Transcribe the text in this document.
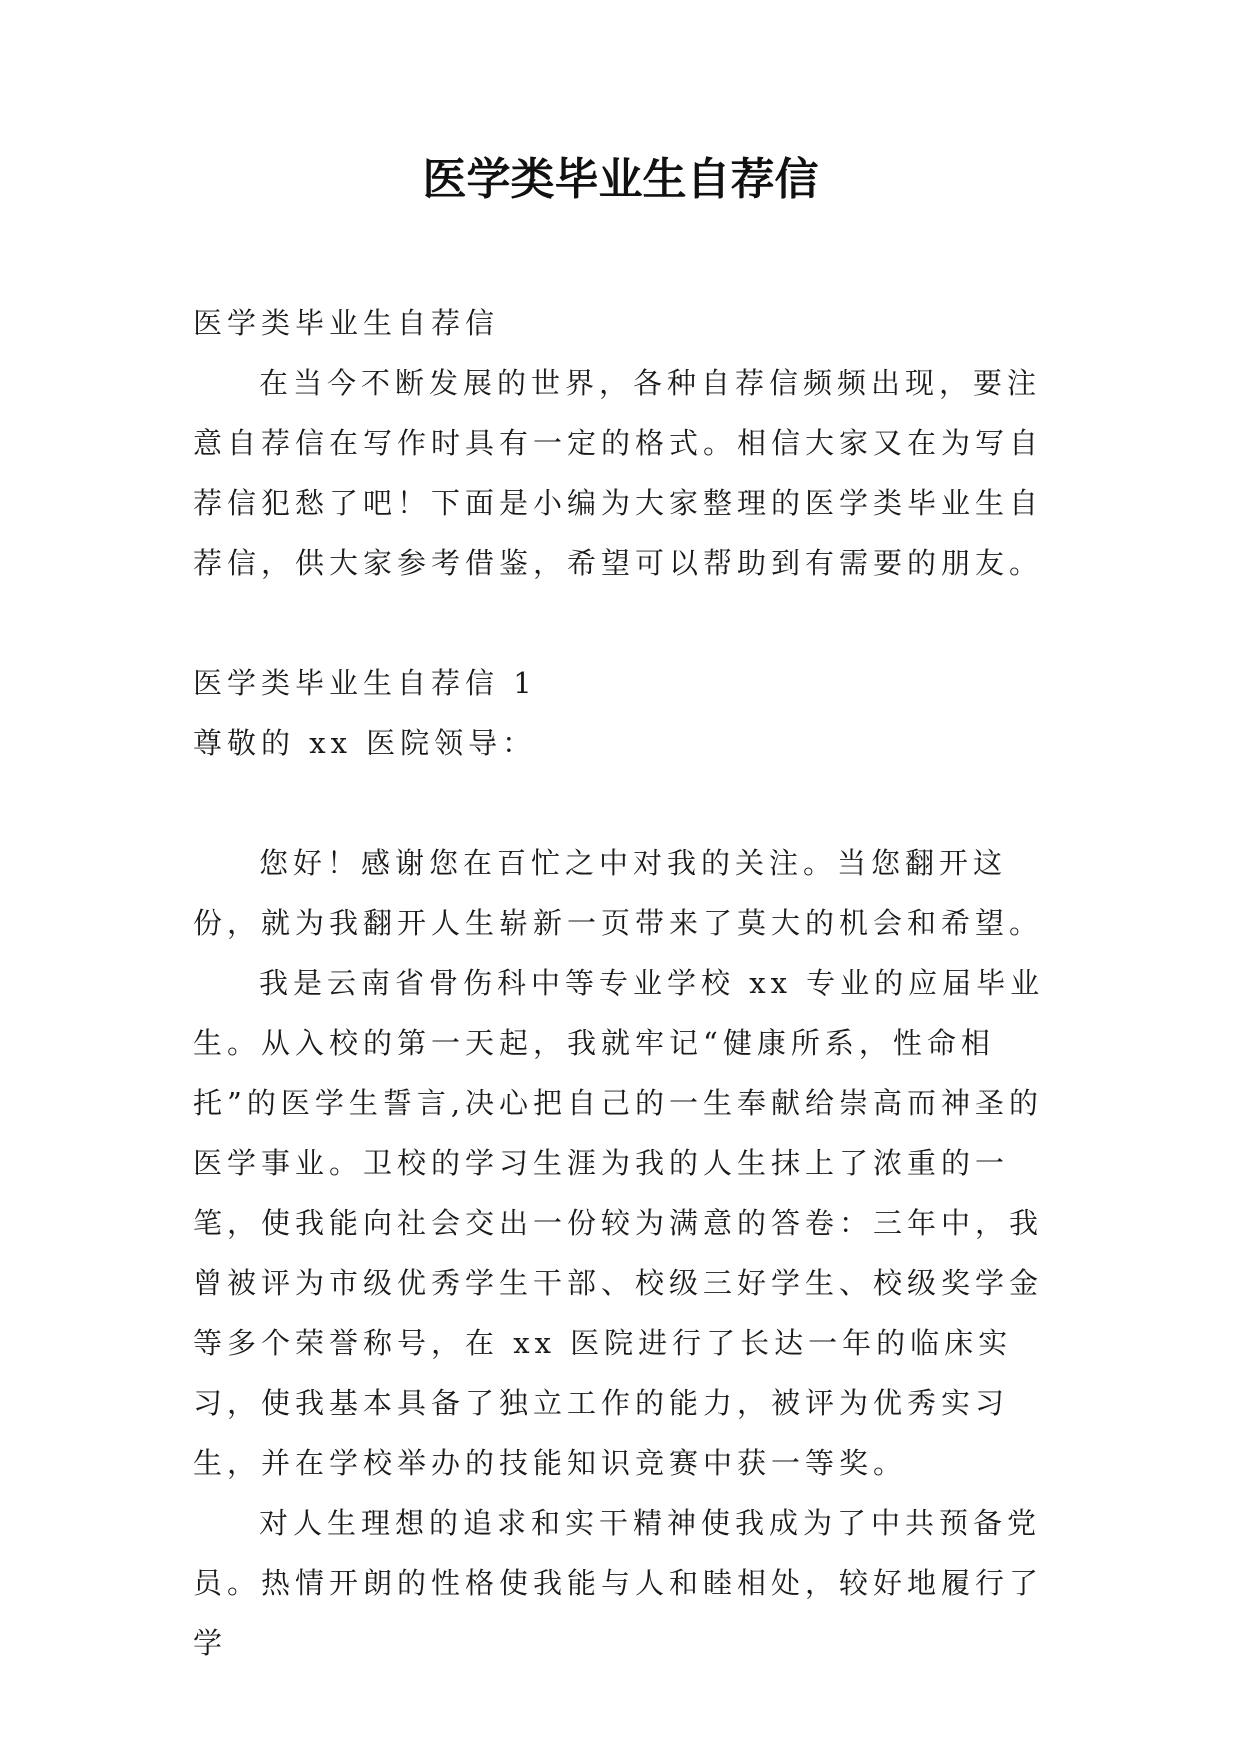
医学类毕业生自荐信

医学类毕业生自荐信

在当今不断发展的世界，各种自荐信频频出现，要注意自荐信在写作时具有一定的格式。相信大家又在为写自荐信犯愁了吧！下面是小编为大家整理的医学类毕业生自荐信，供大家参考借鉴，希望可以帮助到有需要的朋友。

医学类毕业生自荐信 1

尊敬的 xx 医院领导：

您好！感谢您在百忙之中对我的关注。当您翻开这份，就为我翻开人生崭新一页带来了莫大的机会和希望。

我是云南省骨伤科中等专业学校 xx 专业的应届毕业生。从入校的第一天起，我就牢记“健康所系，性命相托”的医学生誓言,决心把自己的一生奉献给崇高而神圣的医学事业。卫校的学习生涯为我的人生抹上了浓重的一笔，使我能向社会交出一份较为满意的答卷：三年中，我曾被评为市级优秀学生干部、校级三好学生、校级奖学金等多个荣誉称号，在 xx 医院进行了长达一年的临床实习，使我基本具备了独立工作的能力，被评为优秀实习生，并在学校举办的技能知识竞赛中获一等奖。

对人生理想的追求和实干精神使我成为了中共预备党员。热情开朗的性格使我能与人和睦相处，较好地履行了学
